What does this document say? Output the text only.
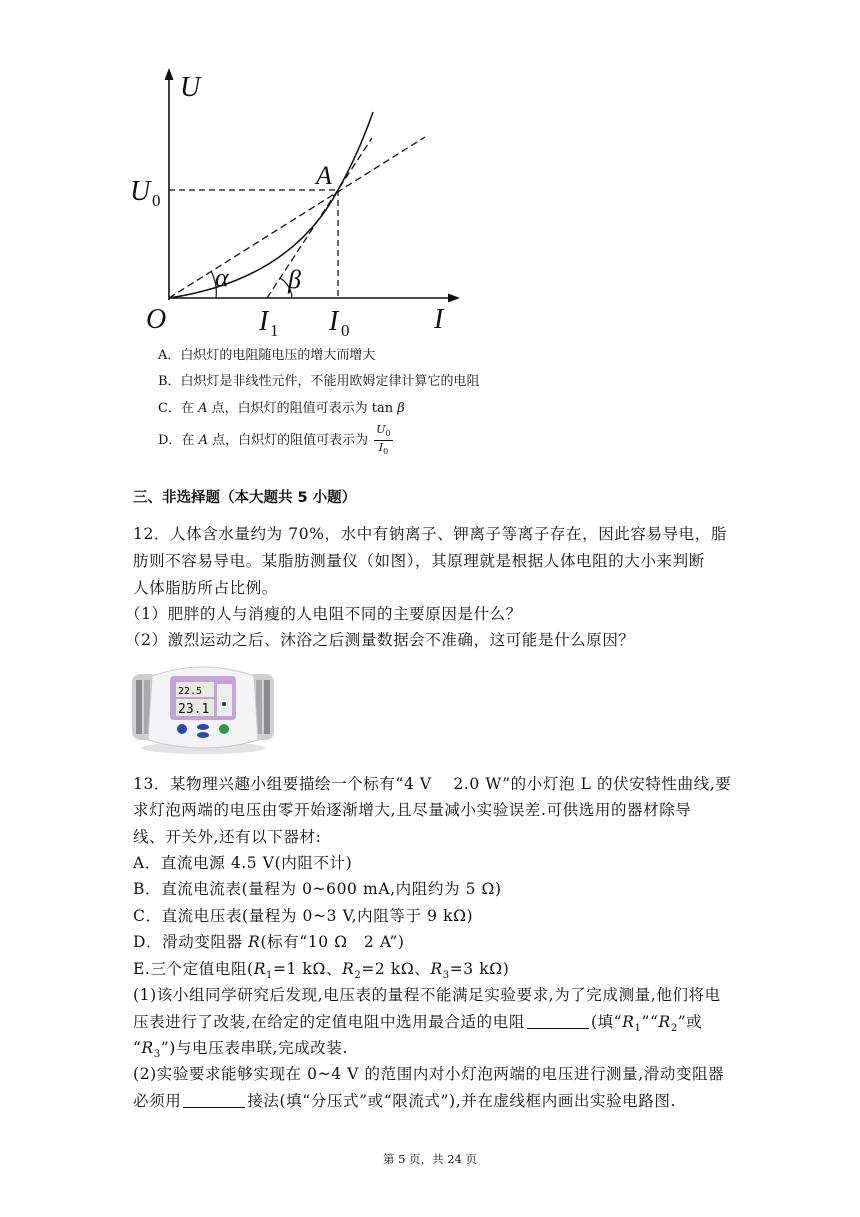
U
O	I
U 0
A
α β
I 1 I 0
A．白炽灯的电阻随电压的增大而增大
B．白炽灯是非线性元件，不能用欧姆定律计算它的电阻
C．在 A 点，白炽灯的阻值可表示为 tan β
D．在 A 点，白炽灯的阻值可表示为 $\frac{U_0}{I_0}$
三、非选择题（本大题共 5 小题）
12．人体含水量约为 70%，水中有钠离子、钾离子等离子存在，因此容易导电，脂
肪则不容易导电。某脂肪测量仪（如图），其原理就是根据人体电阻的大小来判断
人体脂肪所占比例。
（1）肥胖的人与消瘦的人电阻不同的主要原因是什么？
（2）激烈运动之后、沐浴之后测量数据会不准确，这可能是什么原因？
22.5
23.1
13．某物理兴趣小组要描绘一个标有“4 V　 2.0 W”的小灯泡 L 的伏安特性曲线,要
求灯泡两端的电压由零开始逐渐增大,且尽量减小实验误差.可供选用的器材除导
线、开关外,还有以下器材:
A．直流电源 4.5 V(内阻不计)
B．直流电流表(量程为 0~600 mA,内阻约为 5 Ω)
C．直流电压表(量程为 0~3 V,内阻等于 9 kΩ)
D．滑动变阻器 R(标有“10 Ω　2 A”)
E.三个定值电阻($R_1=1$ kΩ、$R_2=2$ kΩ、$R_3=3$ kΩ)
(1)该小组同学研究后发现,电压表的量程不能满足实验要求,为了完成测量,他们将电
压表进行了改装,在给定的定值电阻中选用最合适的电阻	(填“$R_1”“R_2$”或
“$R_3$”)与电压表串联,完成改装.
(2)实验要求能够实现在 0~4 V 的范围内对小灯泡两端的电压进行测量,滑动变阻器
必须用	接法(填“分压式”或“限流式”),并在虚线框内画出实验电路图.
第 5 页，共 24 页
